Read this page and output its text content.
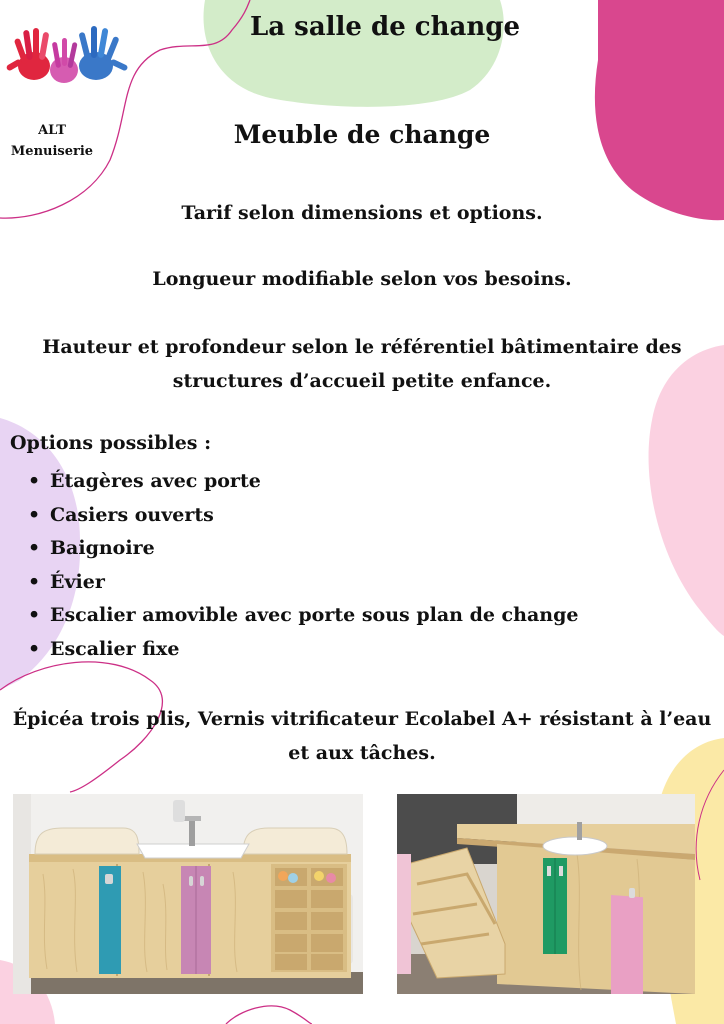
ALT
Menuiserie
La salle de change
Meuble de change
Tarif selon dimensions et options.
Longueur modifiable selon vos besoins.
Hauteur et profondeur selon le référentiel bâtimentaire des
structures d’accueil petite enfance.
Options possibles :
• Étagères avec porte
• Casiers ouverts
• Baignoire
• Évier
• Escalier amovible avec porte sous plan de change
• Escalier fixe
Épicéa trois plis, Vernis vitrificateur Ecolabel A+ résistant à l’eau
et aux tâches.
